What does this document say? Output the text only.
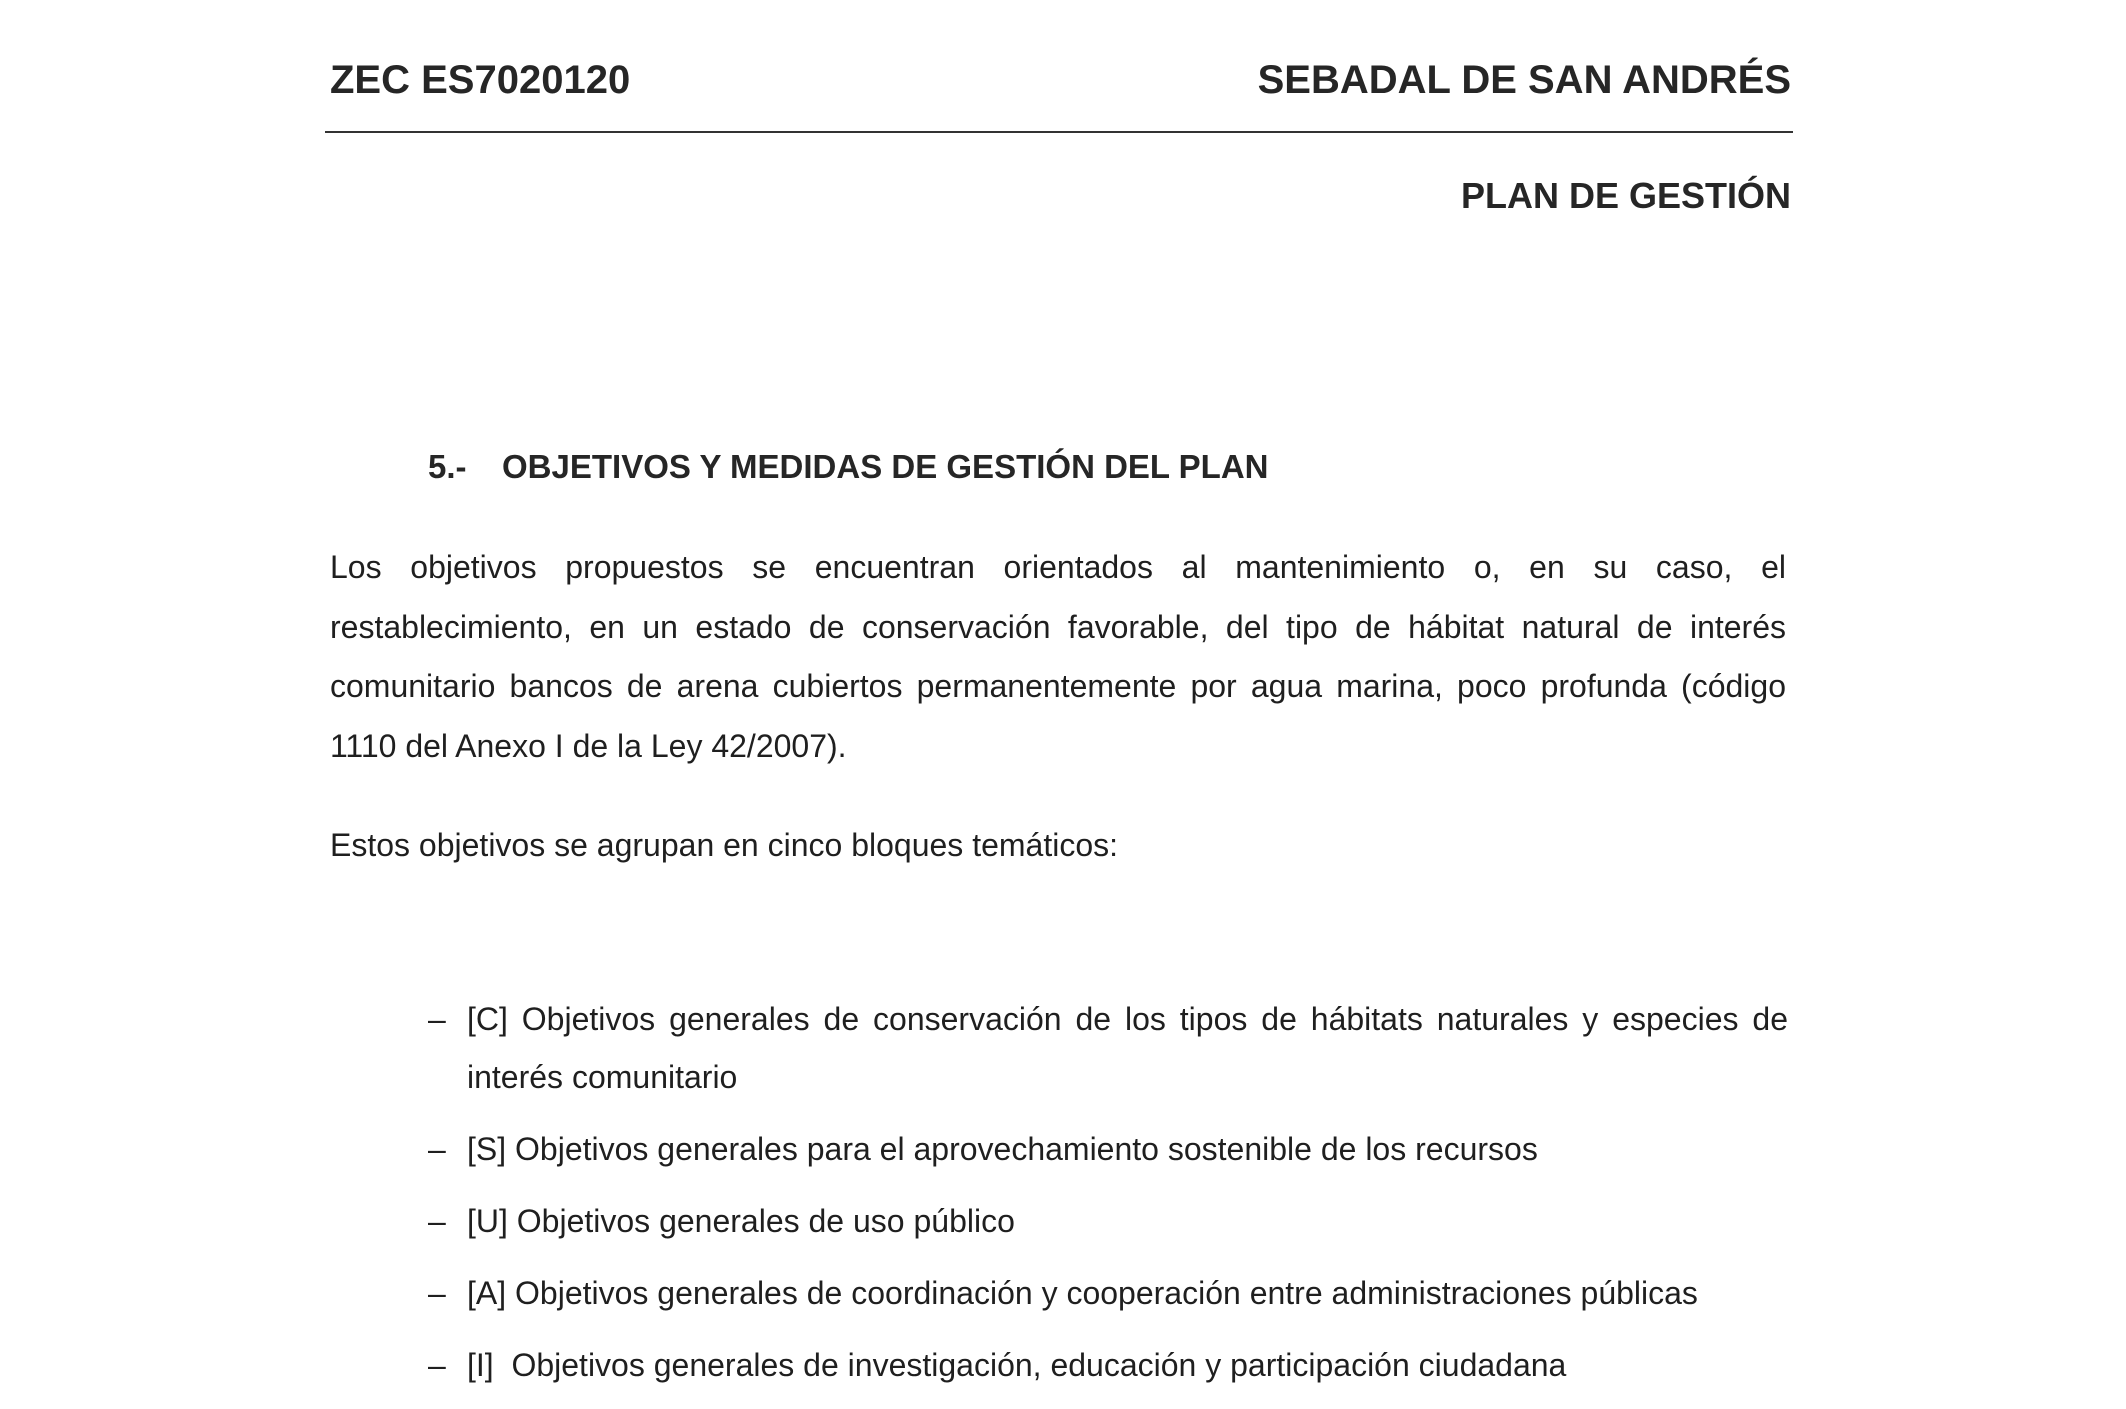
ZEC ES7020120	SEBADAL DE SAN ANDRÉS
PLAN DE GESTIÓN
5.- OBJETIVOS Y MEDIDAS DE GESTIÓN DEL PLAN

Los objetivos propuestos se encuentran orientados al mantenimiento o, en su caso, el restablecimiento, en un estado de conservación favorable, del tipo de hábitat natural de interés comunitario bancos de arena cubiertos permanentemente por agua marina, poco profunda (código 1110 del Anexo I de la Ley 42/2007).

Estos objetivos se agrupan en cinco bloques temáticos:

– [C] Objetivos generales de conservación de los tipos de hábitats naturales y especies de interés comunitario
– [S] Objetivos generales para el aprovechamiento sostenible de los recursos
– [U] Objetivos generales de uso público
– [A] Objetivos generales de coordinación y cooperación entre administraciones públicas
– [I]  Objetivos generales de investigación, educación y participación ciudadana
